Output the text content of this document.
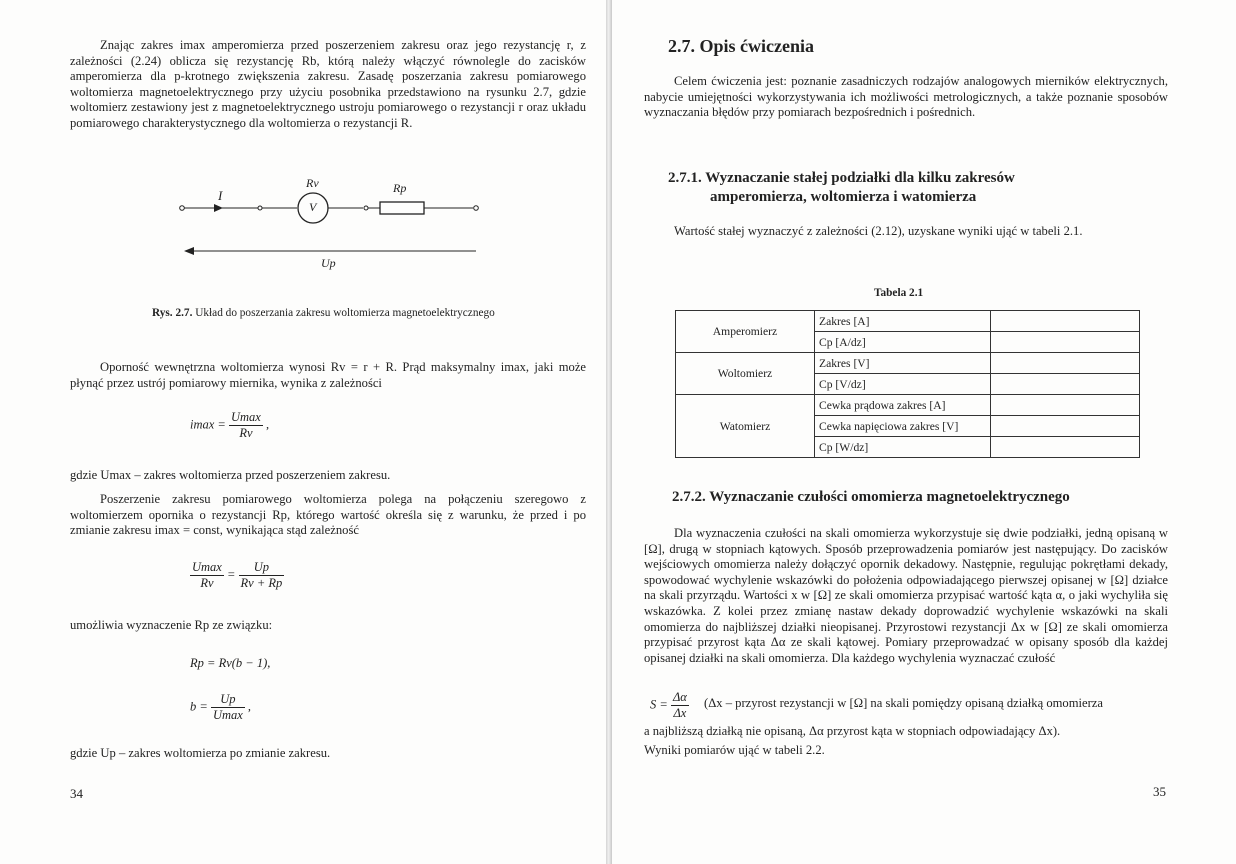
Znając zakres imax amperomierza przed poszerzeniem zakresu oraz jego rezystancję r, z zależności (2.24) oblicza się rezystancję Rb, którą należy włączyć równolegle do zacisków amperomierza dla p-krotnego zwiększenia zakresu. Zasadę poszerzania zakresu pomiarowego woltomierza magnetoelektrycznego przy użyciu posobnika przedstawiono na rysunku 2.7, gdzie woltomierz zestawiony jest z magnetoelektrycznego ustroju pomiarowego o rezystancji r oraz układu pomiarowego charakterystycznego dla woltomierza o rezystancji R.

I
Rv
V
Rp
Up
Rys. 2.7. Układ do poszerzania zakresu woltomierza magnetoelektrycznego

Oporność wewnętrzna woltomierza wynosi Rv = r + R. Prąd maksymalny imax, jaki może płynąć przez ustrój pomiarowy miernika, wynika z zależności

$imax = \frac{Umax}{Rv}$ ,

gdzie Umax – zakres woltomierza przed poszerzeniem zakresu.

Poszerzenie zakresu pomiarowego woltomierza polega na połączeniu szeregowo z woltomierzem opornika o rezystancji Rp, którego wartość określa się z warunku, że przed i po zmianie zakresu imax = const, wynikająca stąd zależność

$\frac{Umax}{Rv} = \frac{Up}{Rv + Rp}$

umożliwia wyznaczenie Rp ze związku:

Rp = Rv(b − 1),
$b = \frac{Up}{Umax}$ ,

gdzie Up – zakres woltomierza po zmianie zakresu.

34
2.7. Opis ćwiczenia

Celem ćwiczenia jest: poznanie zasadniczych rodzajów analogowych mierników elektrycznych, nabycie umiejętności wykorzystywania ich możliwości metrologicznych, a także poznanie sposobów wyznaczania błędów przy pomiarach bezpośrednich i pośrednich.

2.7.1. Wyznaczanie stałej podziałki dla kilku zakresów
amperomierza, woltomierza i watomierza

Wartość stałej wyznaczyć z zależności (2.12), uzyskane wyniki ująć w tabeli 2.1.

Tabela 2.1
Amperomierz	Zakres [A]	
	Cp [A/dz]	
Woltomierz	Zakres [V]	
	Cp [V/dz]	
Watomierz	Cewka prądowa zakres [A]	
	Cewka napięciowa zakres [V]	
	Cp [W/dz]	
2.7.2. Wyznaczanie czułości omomierza magnetoelektrycznego

Dla wyznaczenia czułości na skali omomierza wykorzystuje się dwie podziałki, jedną opisaną w [Ω], drugą w stopniach kątowych. Sposób przeprowadzenia pomiarów jest następujący. Do zacisków wejściowych omomierza należy dołączyć opornik dekadowy. Następnie, regulując pokrętłami dekady, spowodować wychylenie wskazówki do położenia odpowiadającego pierwszej opisanej w [Ω] działce na skali przyrządu. Wartości x w [Ω] ze skali omomierza przypisać wartość kąta α, o jaki wychyliła się wskazówka. Z kolei przez zmianę nastaw dekady doprowadzić wychylenie wskazówki na skali omomierza do najbliższej działki nieopisanej. Przyrostowi rezystancji Δx w [Ω] ze skali omomierza przypisać przyrost kąta Δα ze skali kątowej. Pomiary przeprowadzać w opisany sposób dla każdej opisanej działki na skali omomierza. Dla każdego wychylenia wyznaczać czułość

$S = \frac{\Delta\alpha}{\Delta x} (\Delta x$ – przyrost rezystancji w [Ω] na skali pomiędzy opisaną działką omomierza

a najbliższą działką nie opisaną, Δα przyrost kąta w stopniach odpowiadający Δx).

Wyniki pomiarów ująć w tabeli 2.2.

35
